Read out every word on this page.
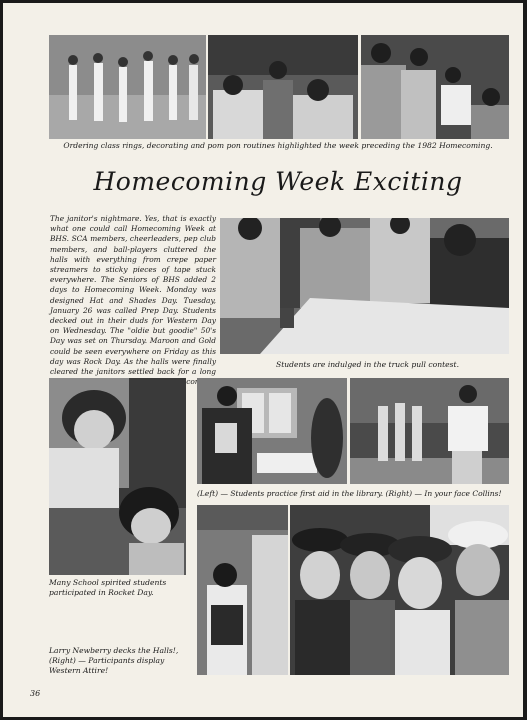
Ordering class rings, decorating and pom pon routines highlighted the week preceding the 1982 Homecoming.
Homecoming Week Exciting
The janitor's nightmare. Yes, that is exactly what one could call Homecoming Week at BHS. SCA members, cheerleaders, pep club members, and ball-players cluttered the halls with everything from crepe paper streamers to sticky pieces of tape stuck everywhere. The Seniors of BHS added 2 days to Homecoming Week. Monday was designed Hat and Shades Day. Tuesday, January 26 was called Prep Day. Students decked out in their duds for Western Day on Wednesday. The "oldie but goodie" 50's Day was set on Thursday. Maroon and Gold could be seen everywhere on Friday as this day was Rock Day. As the halls were finally cleared the janitors settled back for a long Homecoming,
Students are indulged in the truck pull contest.
Many School spirited students participated in Rocket Day.
(Left) — Students practice first aid in the library. (Right) — In your face Collins!
Larry Newberry decks the Halls!, (Right) — Participants display Western Attire!
36
